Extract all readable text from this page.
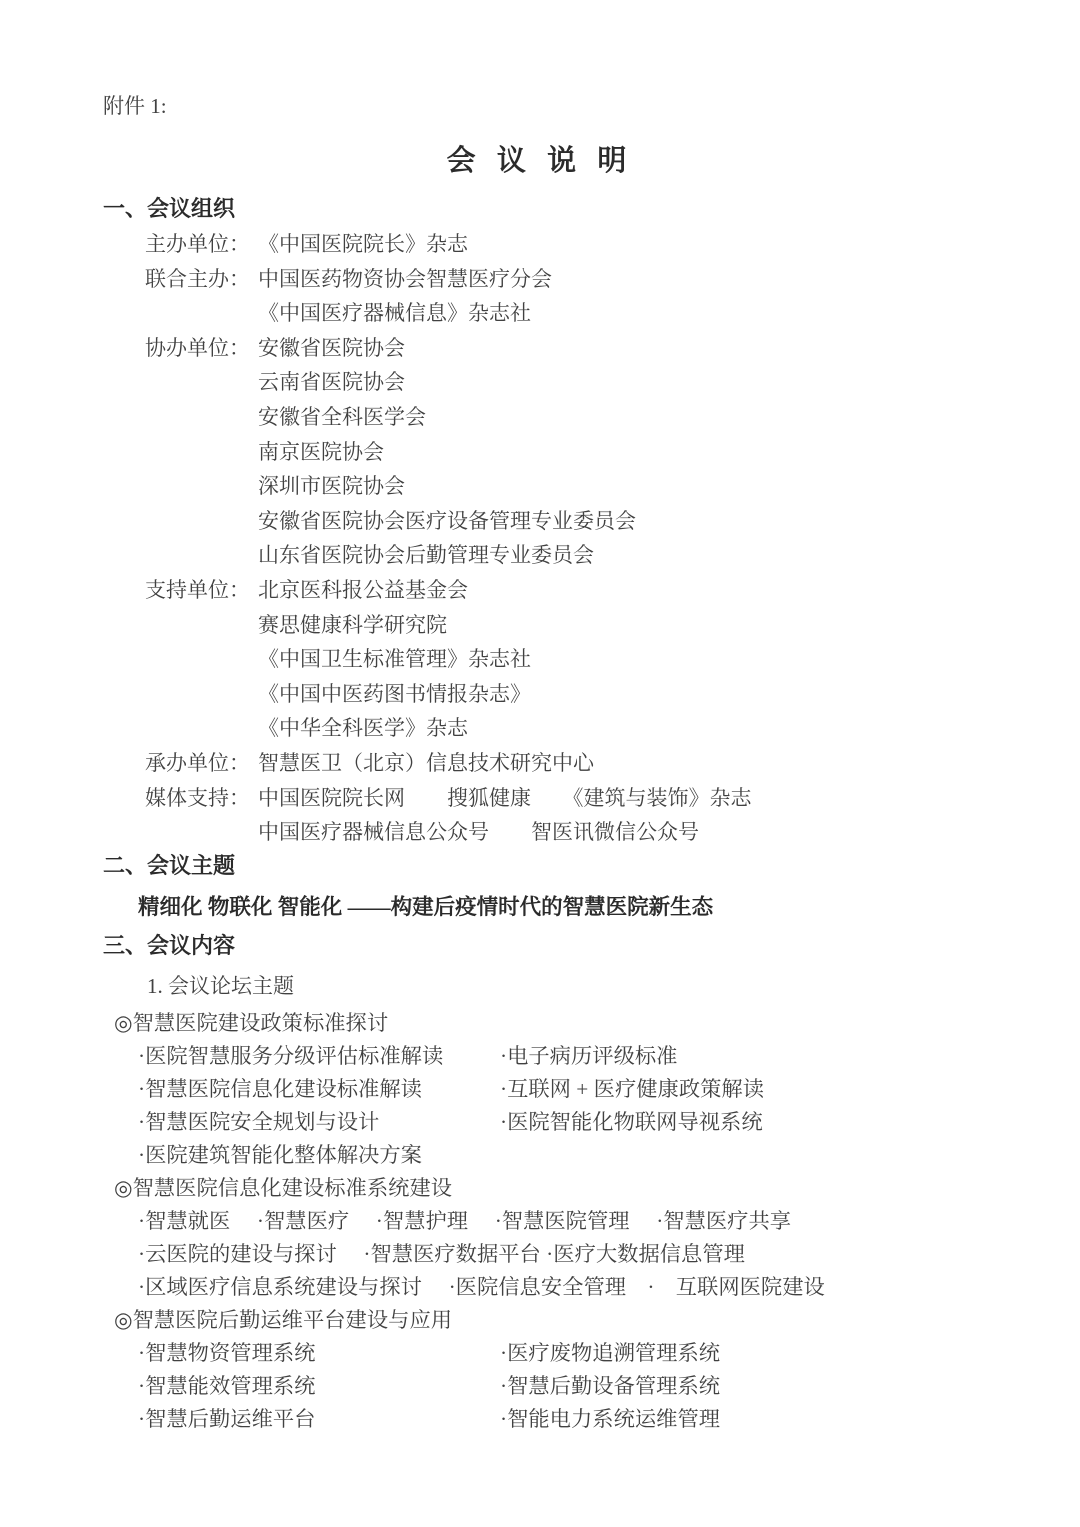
附件 1:
会 议 说 明
一、会议组织
主办单位： 《中国医院院长》杂志
联合主办： 中国医药物资协会智慧医疗分会
《中国医疗器械信息》杂志社
协办单位： 安徽省医院协会
云南省医院协会
安徽省全科医学会
南京医院协会
深圳市医院协会
安徽省医院协会医疗设备管理专业委员会
山东省医院协会后勤管理专业委员会
支持单位： 北京医科报公益基金会
赛思健康科学研究院
《中国卫生标准管理》杂志社
《中国中医药图书情报杂志》
《中华全科医学》杂志
承办单位： 智慧医卫（北京）信息技术研究中心
媒体支持： 中国医院院长网　　搜狐健康　　《建筑与装饰》杂志
中国医疗器械信息公众号　　智医讯微信公众号
二、会议主题
精细化 物联化 智能化 ——构建后疫情时代的智慧医院新生态
三、会议内容
1. 会议论坛主题
◎智慧医院建设政策标准探讨
·医院智慧服务分级评估标准解读	·电子病历评级标准
·智慧医院信息化建设标准解读	·互联网 + 医疗健康政策解读
·智慧医院安全规划与设计	·医院智能化物联网导视系统
·医院建筑智能化整体解决方案
◎智慧医院信息化建设标准系统建设
·智慧就医　 ·智慧医疗　 ·智慧护理　 ·智慧医院管理　 ·智慧医疗共享
·云医院的建设与探讨　 ·智慧医疗数据平台 ·医疗大数据信息管理
·区域医疗信息系统建设与探讨　 ·医院信息安全管理　·　互联网医院建设
◎智慧医院后勤运维平台建设与应用
·智慧物资管理系统	·医疗废物追溯管理系统
·智慧能效管理系统	·智慧后勤设备管理系统
·智慧后勤运维平台	·智能电力系统运维管理
